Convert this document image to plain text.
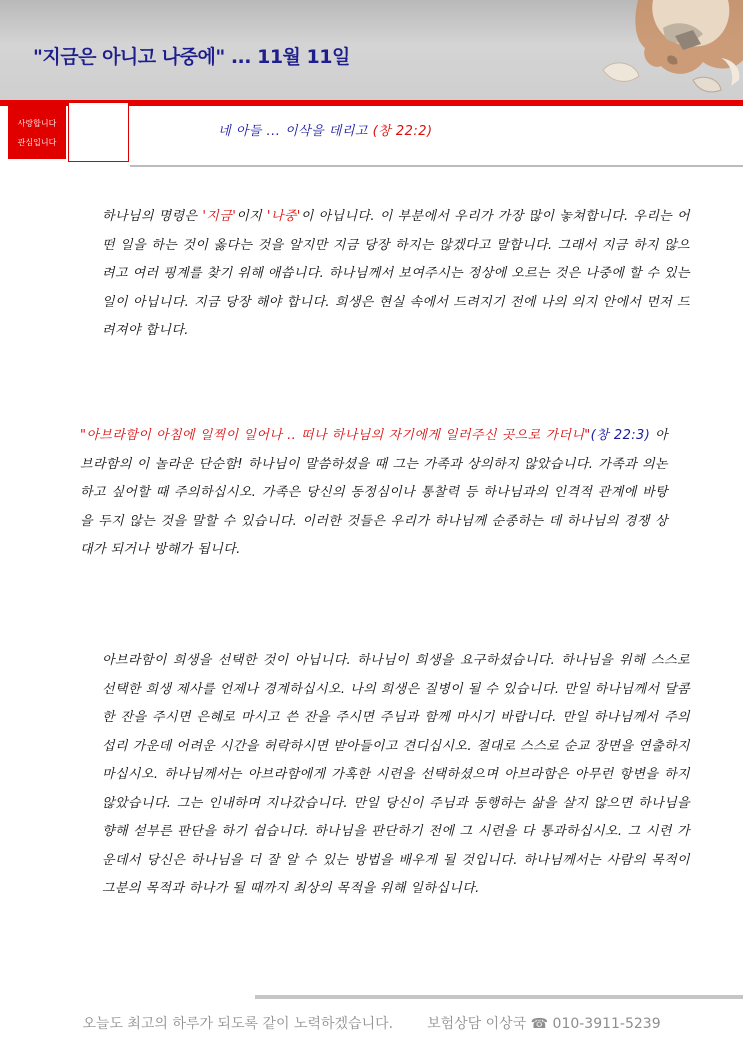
"지금은 아니고 나중에" ... 11월 11일
사랑합니다
관심입니다
네 아들 ... 이삭을 데리고 (창 22:2)
하나님의 명령은 '지금'이지 '나중'이 아닙니다. 이 부분에서 우리가 가장 많이 놓쳐합니다. 우리는 어떤 일을 하는 것이 옳다는 것을 알지만 지금 당장 하지는 않겠다고 말합니다. 그래서 지금 하지 않으려고 여러 핑계를 찾기 위해 애씁니다. 하나님께서 보여주시는 정상에 오르는 것은 나중에 할 수 있는 일이 아닙니다. 지금 당장 해야 합니다. 희생은 현실 속에서 드려지기 전에 나의 의지 안에서 먼저 드려져야 합니다.
"아브라함이 아침에 일찍이 일어나 .. 떠나 하나님의 자기에게 일러주신 곳으로 가더니"(창 22:3) 아브라함의 이 놀라운 단순함! 하나님이 말씀하셨을 때 그는 가족과 상의하지 않았습니다. 가족과 의논하고 싶어할 때 주의하십시오. 가족은 당신의 동정심이나 통찰력 등 하나님과의 인격적 관계에 바탕을 두지 않는 것을 말할 수 있습니다. 이러한 것들은 우리가 하나님께 순종하는 데 하나님의 경쟁 상대가 되거나 방해가 됩니다.
아브라함이 희생을 선택한 것이 아닙니다. 하나님이 희생을 요구하셨습니다. 하나님을 위해 스스로 선택한 희생 제사를 언제나 경계하십시오. 나의 희생은 질병이 될 수 있습니다. 만일 하나님께서 달콤한 잔을 주시면 은혜로 마시고 쓴 잔을 주시면 주님과 함께 마시기 바랍니다. 만일 하나님께서 주의 섭리 가운데 어려운 시간을 허락하시면 받아들이고 견디십시오. 절대로 스스로 순교 장면을 연출하지 마십시오. 하나님께서는 아브라함에게 가혹한 시련을 선택하셨으며 아브라함은 아무런 항변을 하지 않았습니다. 그는 인내하며 지나갔습니다. 만일 당신이 주님과 동행하는 삶을 살지 않으면 하나님을 향해 섣부른 판단을 하기 쉽습니다. 하나님을 판단하기 전에 그 시련을 다 통과하십시오. 그 시련 가운데서 당신은 하나님을 더 잘 알 수 있는 방법을 배우게 될 것입니다. 하나님께서는 사람의 목적이 그분의 목적과 하나가 될 때까지 최상의 목적을 위해 일하십니다.
오늘도 최고의 하루가 되도록 같이 노력하겠습니다. 보험상담 이상국 ☎ 010-3911-5239
